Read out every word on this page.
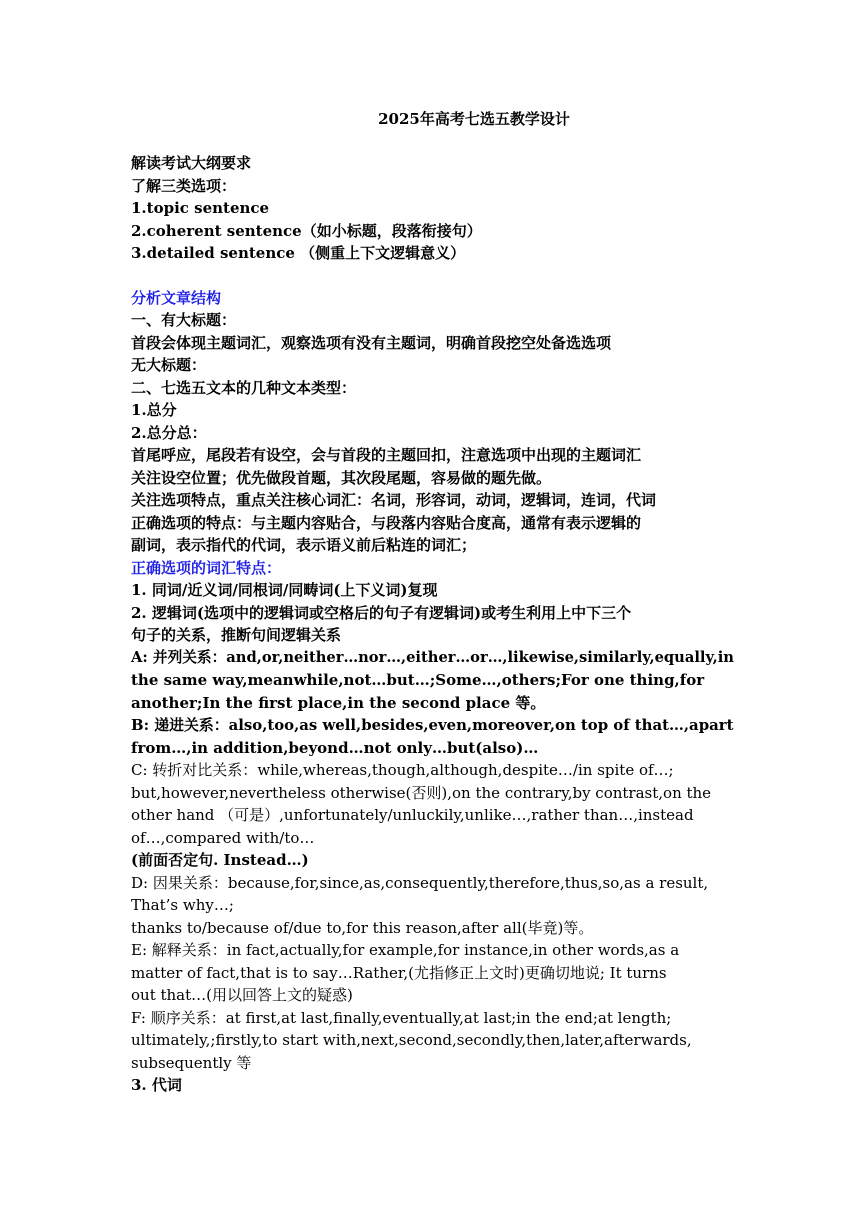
2025年高考七选五教学设计
解读考试大纲要求
了解三类选项：
1.topic sentence
2.coherent sentence（如小标题，段落衔接句）
3.detailed sentence （侧重上下文逻辑意义）
分析文章结构
一、有大标题：
首段会体现主题词汇，观察选项有没有主题词，明确首段挖空处备选选项
无大标题：
二、七选五文本的几种文本类型：
1.总分
2.总分总：
首尾呼应，尾段若有设空，会与首段的主题回扣，注意选项中出现的主题词汇
关注设空位置；优先做段首题，其次段尾题，容易做的题先做。
关注选项特点，重点关注核心词汇：名词，形容词，动词，逻辑词，连词，代词
正确选项的特点：与主题内容贴合，与段落内容贴合度高，通常有表示逻辑的
副词，表示指代的代词，表示语义前后粘连的词汇；
正确选项的词汇特点：
1. 同词/近义词/同根词/同畴词(上下义词)复现
2. 逻辑词(选项中的逻辑词或空格后的句子有逻辑词)或考生利用上中下三个
句子的关系，推断句间逻辑关系
A: 并列关系：and,or,neither…nor…,either…or…,likewise,similarly,equally,in
the same way,meanwhile,not…but…;Some…,others;For one thing,for
another;In the first place,in the second place 等。
B: 递进关系：also,too,as well,besides,even,moreover,on top of that…,apart
from…,in addition,beyond…not only…but(also)…
C: 转折对比关系：while,whereas,though,although,despite…/in spite of…;
but,however,nevertheless otherwise(否则),on the contrary,by contrast,on the
other hand （可是）,unfortunately/unluckily,unlike…,rather than…,instead
of…,compared with/to…
(前面否定句. Instead…)
D: 因果关系：because,for,since,as,consequently,therefore,thus,so,as a result,
That’s why…;
thanks to/because of/due to,for this reason,after all(毕竟)等。
E: 解释关系：in fact,actually,for example,for instance,in other words,as a
matter of fact,that is to say…Rather,(尤指修正上文时)更确切地说; It turns
out that…(用以回答上文的疑惑)
F: 顺序关系：at first,at last,finally,eventually,at last;in the end;at length;
ultimately,;firstly,to start with,next,second,secondly,then,later,afterwards,
subsequently 等
3. 代词
